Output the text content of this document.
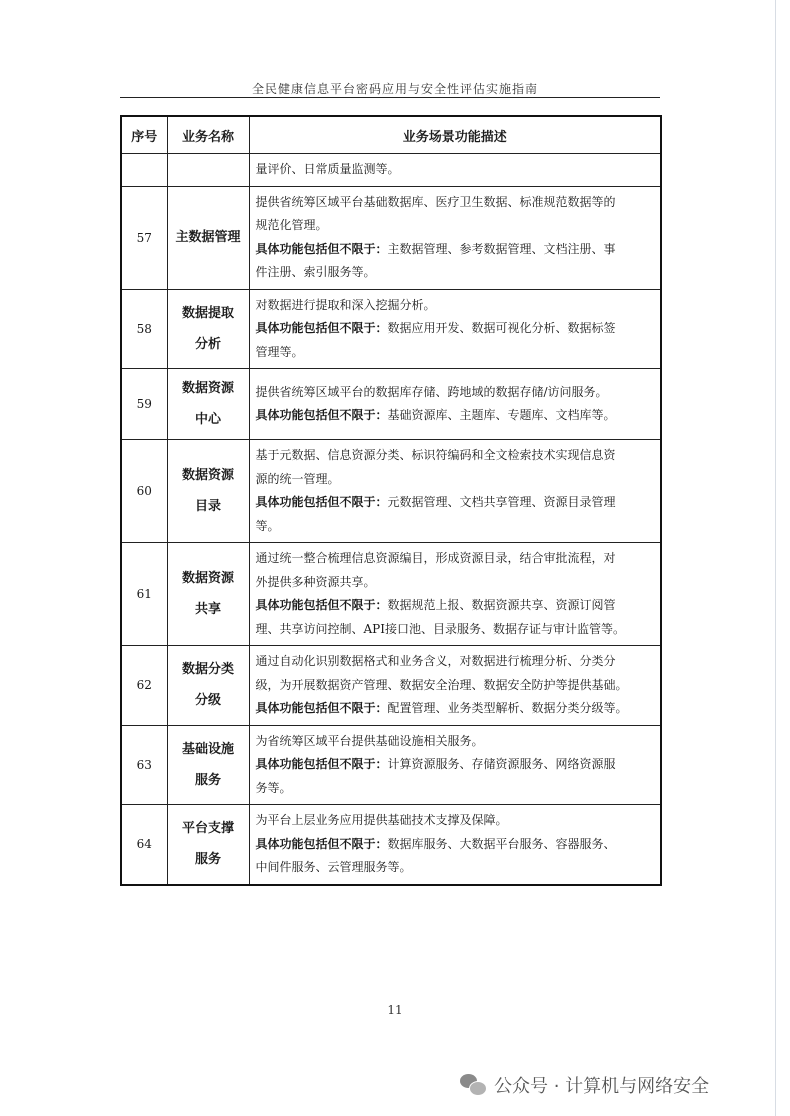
全民健康信息平台密码应用与安全性评估实施指南
序号	业务名称	业务场景功能描述

		量评价、日常质量监测等。

57	主数据管理	提供省统筹区域平台基础数据库、医疗卫生数据、标准规范数据等的
规范化管理。
具体功能包括但不限于：主数据管理、参考数据管理、文档注册、事
件注册、索引服务等。

58	数据提取
分析	对数据进行提取和深入挖掘分析。
具体功能包括但不限于：数据应用开发、数据可视化分析、数据标签
管理等。

59	数据资源
中心	提供省统筹区域平台的数据库存储、跨地域的数据存储/访问服务。
具体功能包括但不限于：基础资源库、主题库、专题库、文档库等。

60	数据资源
目录	基于元数据、信息资源分类、标识符编码和全文检索技术实现信息资
源的统一管理。
具体功能包括但不限于：元数据管理、文档共享管理、资源目录管理
等。

61	数据资源
共享	通过统一整合梳理信息资源编目，形成资源目录，结合审批流程，对
外提供多种资源共享。
具体功能包括但不限于：数据规范上报、数据资源共享、资源订阅管
理、共享访问控制、API接口池、目录服务、数据存证与审计监管等。

62	数据分类
分级	通过自动化识别数据格式和业务含义，对数据进行梳理分析、分类分
级，为开展数据资产管理、数据安全治理、数据安全防护等提供基础。
具体功能包括但不限于：配置管理、业务类型解析、数据分类分级等。

63	基础设施
服务	为省统筹区域平台提供基础设施相关服务。
具体功能包括但不限于：计算资源服务、存储资源服务、网络资源服
务等。

64	平台支撑
服务	为平台上层业务应用提供基础技术支撑及保障。
具体功能包括但不限于：数据库服务、大数据平台服务、容器服务、
中间件服务、云管理服务等。
11
公众号 · 计算机与网络安全
